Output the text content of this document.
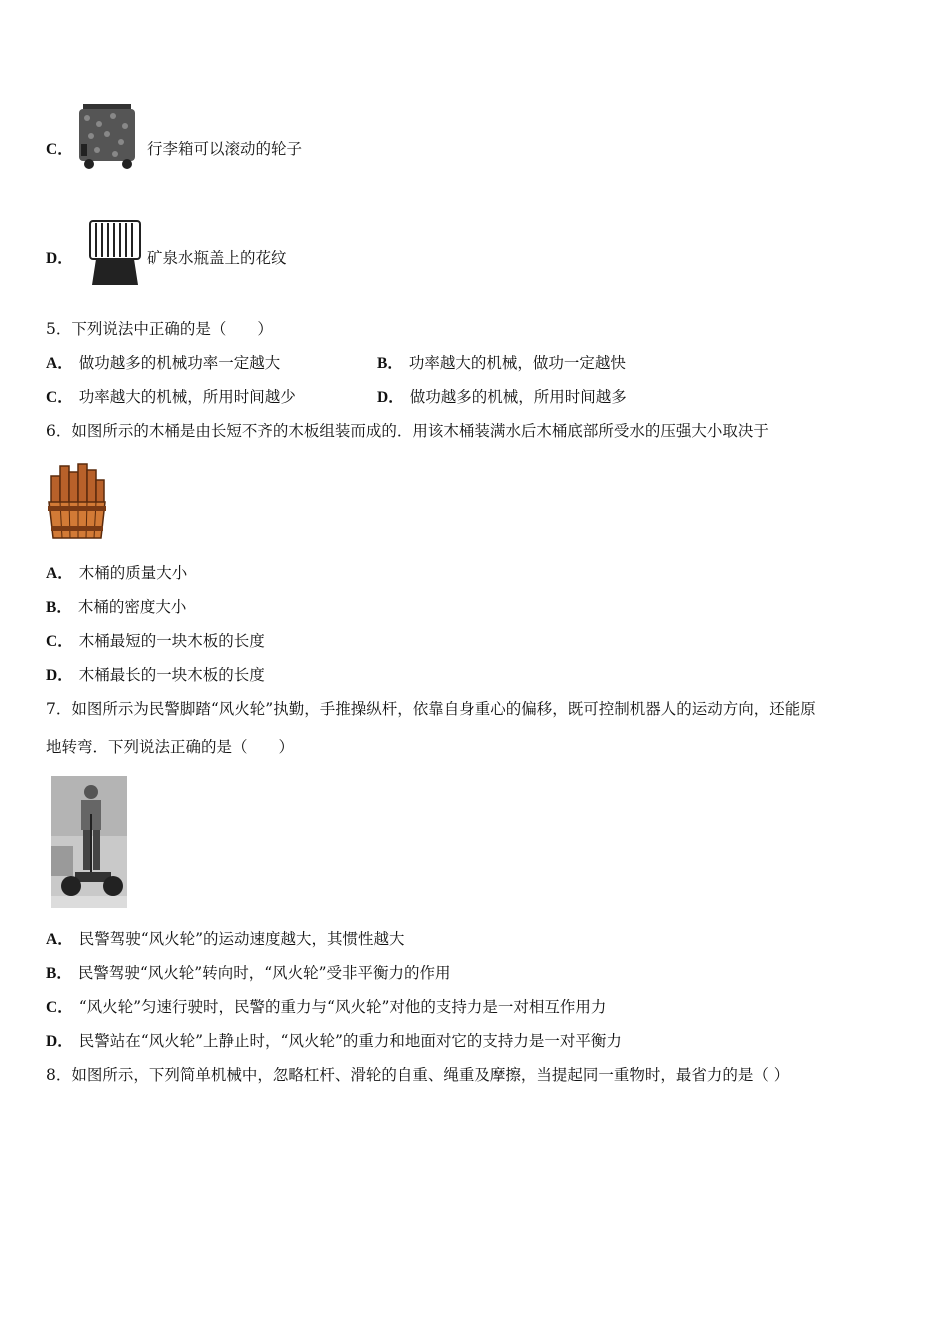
C．	行李箱可以滚动的轮子
D．	矿泉水瓶盖上的花纹
5．下列说法中正确的是（　　）
A． 做功越多的机械功率一定越大	B． 功率越大的机械，做功一定越快
C． 功率越大的机械，所用时间越少	D． 做功越多的机械，所用时间越多
6．如图所示的木桶是由长短不齐的木板组装而成的．用该木桶装满水后木桶底部所受水的压强大小取决于
A． 木桶的质量大小
B． 木桶的密度大小
C． 木桶最短的一块木板的长度
D． 木桶最长的一块木板的长度
7．如图所示为民警脚踏“风火轮”执勤，手推操纵杆，依靠自身重心的偏移，既可控制机器人的运动方向，还能原
地转弯．下列说法正确的是（　　）
A． 民警驾驶“风火轮”的运动速度越大，其惯性越大
B． 民警驾驶“风火轮”转向时，“风火轮”受非平衡力的作用
C． “风火轮”匀速行驶时，民警的重力与“风火轮”对他的支持力是一对相互作用力
D． 民警站在“风火轮”上静止时，“风火轮”的重力和地面对它的支持力是一对平衡力
8．如图所示，下列简单机械中，忽略杠杆、滑轮的自重、绳重及摩擦，当提起同一重物时，最省力的是（ ）
